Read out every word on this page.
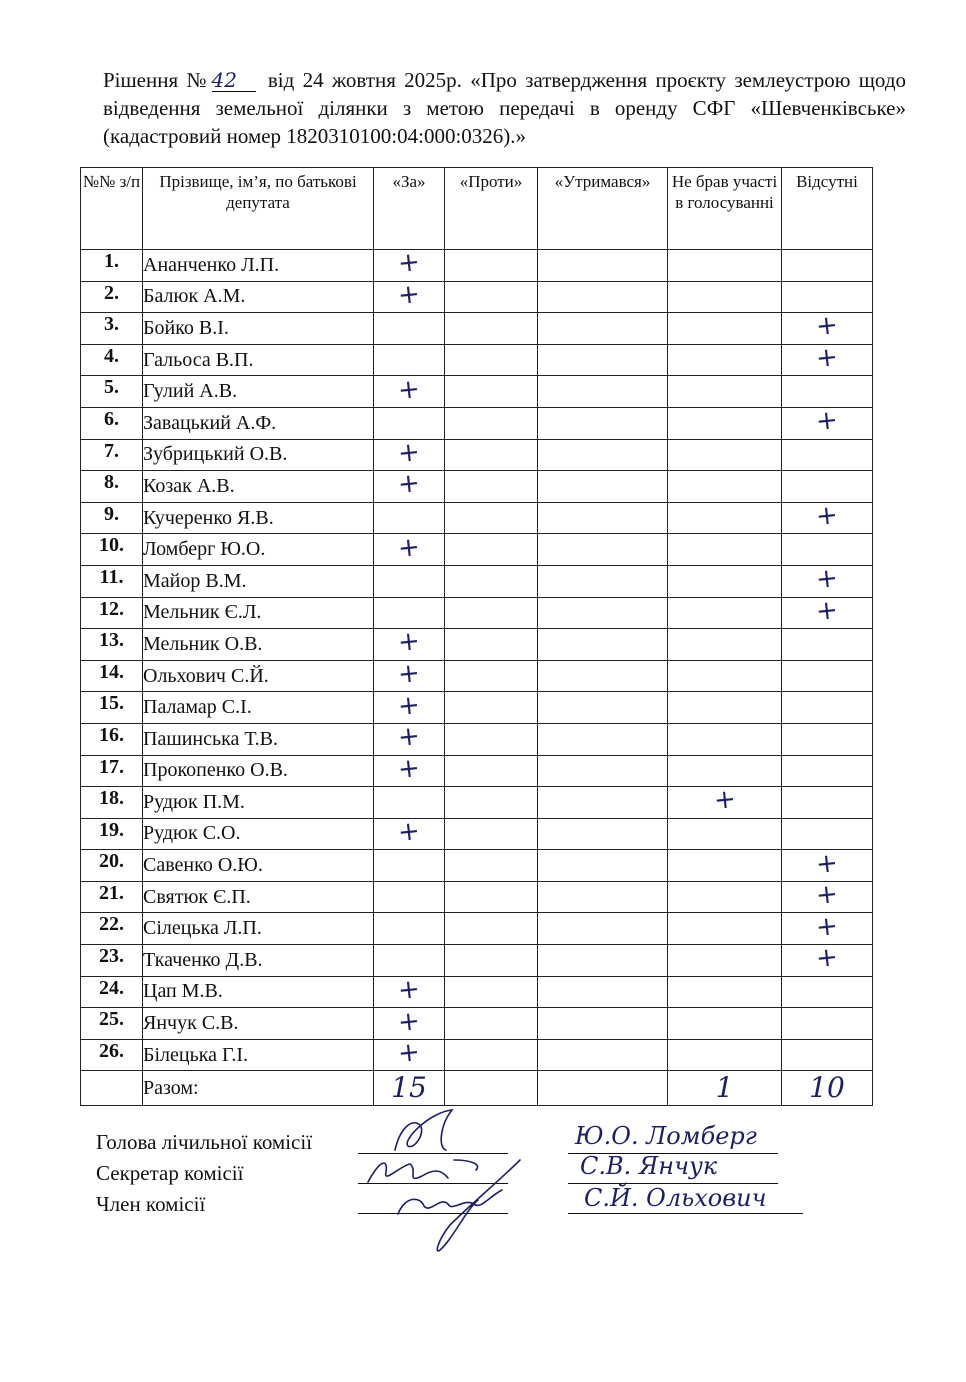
Рішення № 42 від 24 жовтня 2025р. «Про затвердження проєкту землеустрою щодо відведення земельної ділянки з метою передачі в оренду СФГ «Шевченківське» (кадастровий номер 1820310100:04:000:0326).»
№№ з/п	Прізвище, ім’я, по батькові депутата	«За»	«Проти»	«Утримався»	Не брав участі в голосуванні	Відсутні
1.	Ананченко Л.П.	+				
2.	Балюк А.М.	+				
3.	Бойко В.І.					+
4.	Гальоса В.П.					+
5.	Гулий А.В.	+				
6.	Завацький А.Ф.					+
7.	Зубрицький О.В.	+				
8.	Козак А.В.	+				
9.	Кучеренко Я.В.					+
10.	Ломберг Ю.О.	+				
11.	Майор В.М.					+
12.	Мельник Є.Л.					+
13.	Мельник О.В.	+				
14.	Ольхович С.Й.	+				
15.	Паламар С.І.	+				
16.	Пашинська Т.В.	+				
17.	Прокопенко О.В.	+				
18.	Рудюк П.М.				+	
19.	Рудюк С.О.	+				
20.	Савенко О.Ю.					+
21.	Святюк Є.П.					+
22.	Сілецька Л.П.					+
23.	Ткаченко Д.В.					+
24.	Цап М.В.	+				
25.	Янчук С.В.	+				
26.	Білецька Г.І.	+				
	Разом:	15			1	10
Голова лічильної комісії
Секретар комісії
Член комісії
Ю.О. Ломберг
С.В. Янчук
С.Й. Ольхович
